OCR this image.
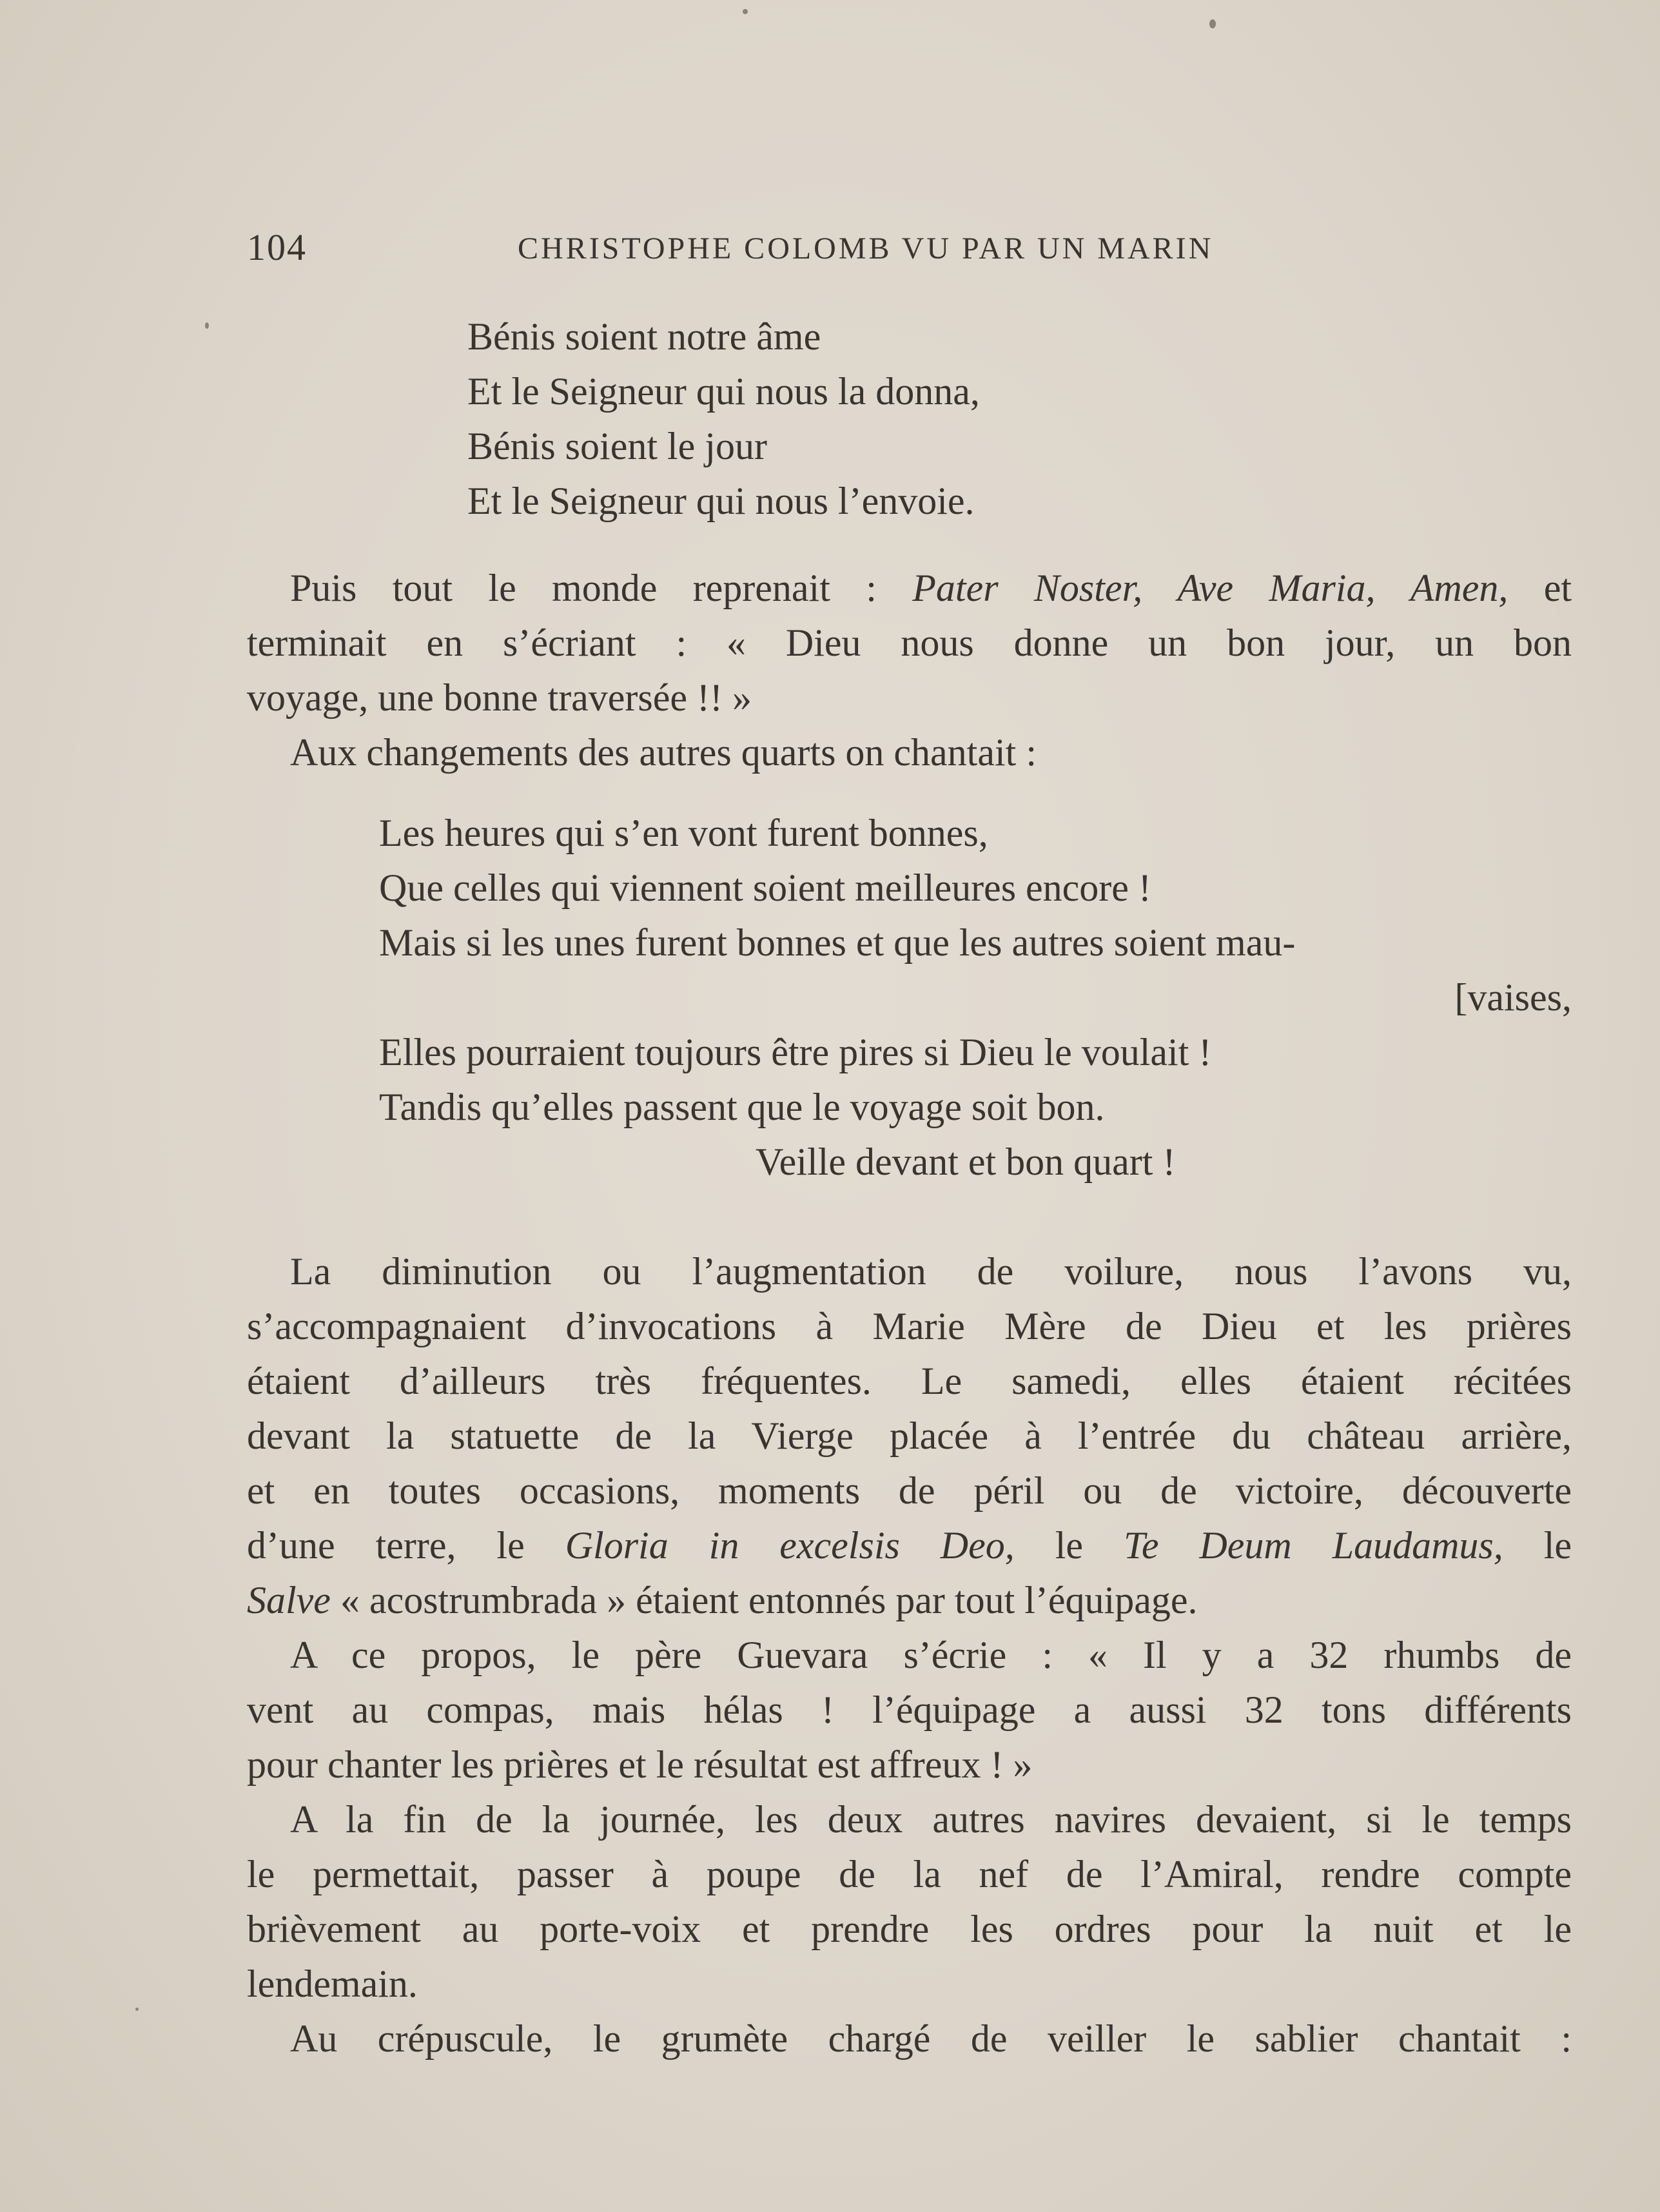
104	CHRISTOPHE COLOMB VU PAR UN MARIN
Bénis soient notre âme
Et le Seigneur qui nous la donna,
Bénis soient le jour
Et le Seigneur qui nous l’envoie.
Puis tout le monde reprenait : Pater Noster, Ave Maria, Amen, et
terminait en s’écriant : « Dieu nous donne un bon jour, un bon
voyage, une bonne traversée !! »
Aux changements des autres quarts on chantait :
Les heures qui s’en vont furent bonnes,
Que celles qui viennent soient meilleures encore !
Mais si les unes furent bonnes et que les autres soient mau-
[vaises,
Elles pourraient toujours être pires si Dieu le voulait !
Tandis qu’elles passent que le voyage soit bon.
Veille devant et bon quart !
La diminution ou l’augmentation de voilure, nous l’avons vu,
s’accompagnaient d’invocations à Marie Mère de Dieu et les prières
étaient d’ailleurs très fréquentes. Le samedi, elles étaient récitées
devant la statuette de la Vierge placée à l’entrée du château arrière,
et en toutes occasions, moments de péril ou de victoire, découverte
d’une terre, le Gloria in excelsis Deo, le Te Deum Laudamus, le
Salve « acostrumbrada » étaient entonnés par tout l’équipage.
A ce propos, le père Guevara s’écrie : « Il y a 32 rhumbs de
vent au compas, mais hélas ! l’équipage a aussi 32 tons différents
pour chanter les prières et le résultat est affreux ! »
A la fin de la journée, les deux autres navires devaient, si le temps
le permettait, passer à poupe de la nef de l’Amiral, rendre compte
brièvement au porte-voix et prendre les ordres pour la nuit et le
lendemain.
Au crépuscule, le grumète chargé de veiller le sablier chantait :
